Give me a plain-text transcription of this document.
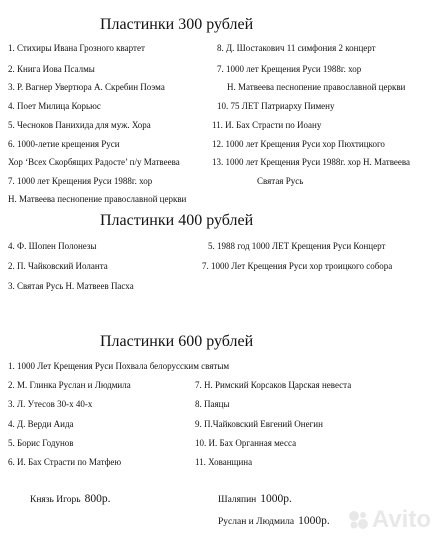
Пластинки 300 рублей
1. Стихиры Ивана Грозного квартет
2. Книга Иова Псалмы
3. Р. Вагнер Увертюра А. Скребин Поэма
4. Поет Милица Корьюс
5. Чесноков Панихида для муж. Хора
6. 1000-летие крещения Руси
Хор ‘Всех Скорбящих Радосте’ п/у Матвеева
7. 1000 лет Крещения Руси 1988г. хор
Н. Матвеева песнопение православной церкви
8. Д. Шостакович 11 симфония 2 концерт
7. 1000 лет Крещения Руси 1988г. хор
Н. Матвеева песнопение православной церкви
10. 75 ЛЕТ Патриарху Пимену
11. И. Бах Страсти по Иоану
12. 1000 лет Крещения Руси хор Пюхтицкого
13. 1000 лет Крещения Руси 1988г. хор Н. Матвеева
Святая Русь
Пластинки 400 рублей
4. Ф. Шопен Полонезы
2. П. Чайковский Иоланта
3. Святая Русь Н. Матвеев Пасха
5. 1988 год 1000 ЛЕТ Крещения Руси Концерт
7. 1000 Лет Крещения Руси хор троицкого собора
Пластинки 600 рублей
1. 1000 Лет Крещения Руси Похвала белорусским святым
2. М. Глинка Руслан и Людмила
3. Л. Утесов 30-х 40-х
4. Д. Верди Аида
5. Борис Годунов
6. И. Бах Страсти по Матфею
7. Н. Римский Корсаков Царская невеста
8. Паяцы
9. П.Чайковский Евгений Онегин
10. И. Бах Органная месса
11. Хованщина
Князь Игорь 800р.	Шаляпин 1000р.
Руслан и Людмила 1000р. Avito
